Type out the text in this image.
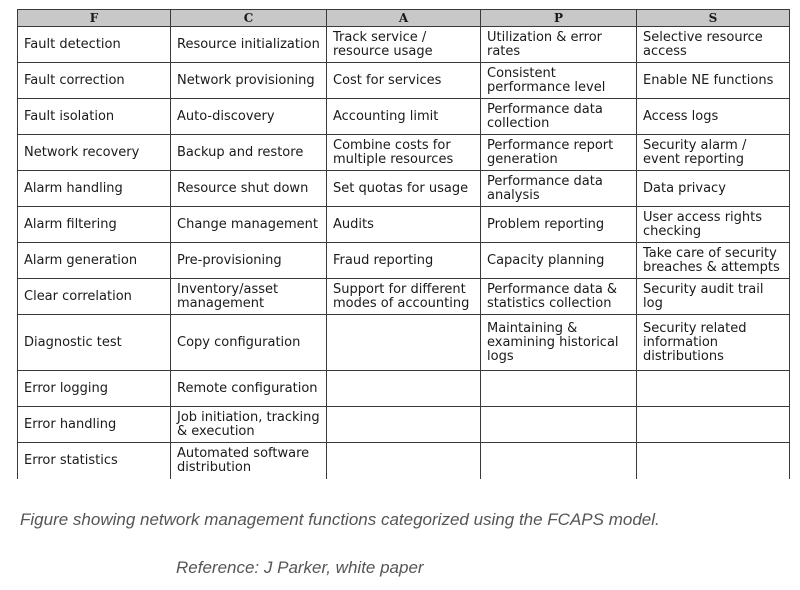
F	C	A	P	S
Fault detection	Resource initialization	Track service / resource usage	Utilization & error rates	Selective resource access
Fault correction	Network provisioning	Cost for services	Consistent performance level	Enable NE functions
Fault isolation	Auto-discovery	Accounting limit	Performance data collection	Access logs
Network recovery	Backup and restore	Combine costs for multiple resources	Performance report generation	Security alarm / event reporting
Alarm handling	Resource shut down	Set quotas for usage	Performance data analysis	Data privacy
Alarm filtering	Change management	Audits	Problem reporting	User access rights checking
Alarm generation	Pre-provisioning	Fraud reporting	Capacity planning	Take care of security breaches & attempts
Clear correlation	Inventory/asset management	Support for different modes of accounting	Performance data & statistics collection	Security audit trail log
Diagnostic test	Copy configuration		Maintaining & examining historical logs	Security related information distributions
Error logging	Remote configuration			
Error handling	Job initiation, tracking & execution			
Error statistics	Automated software distribution			
Figure showing network management functions categorized using the FCAPS model.
Reference: J Parker, white paper
